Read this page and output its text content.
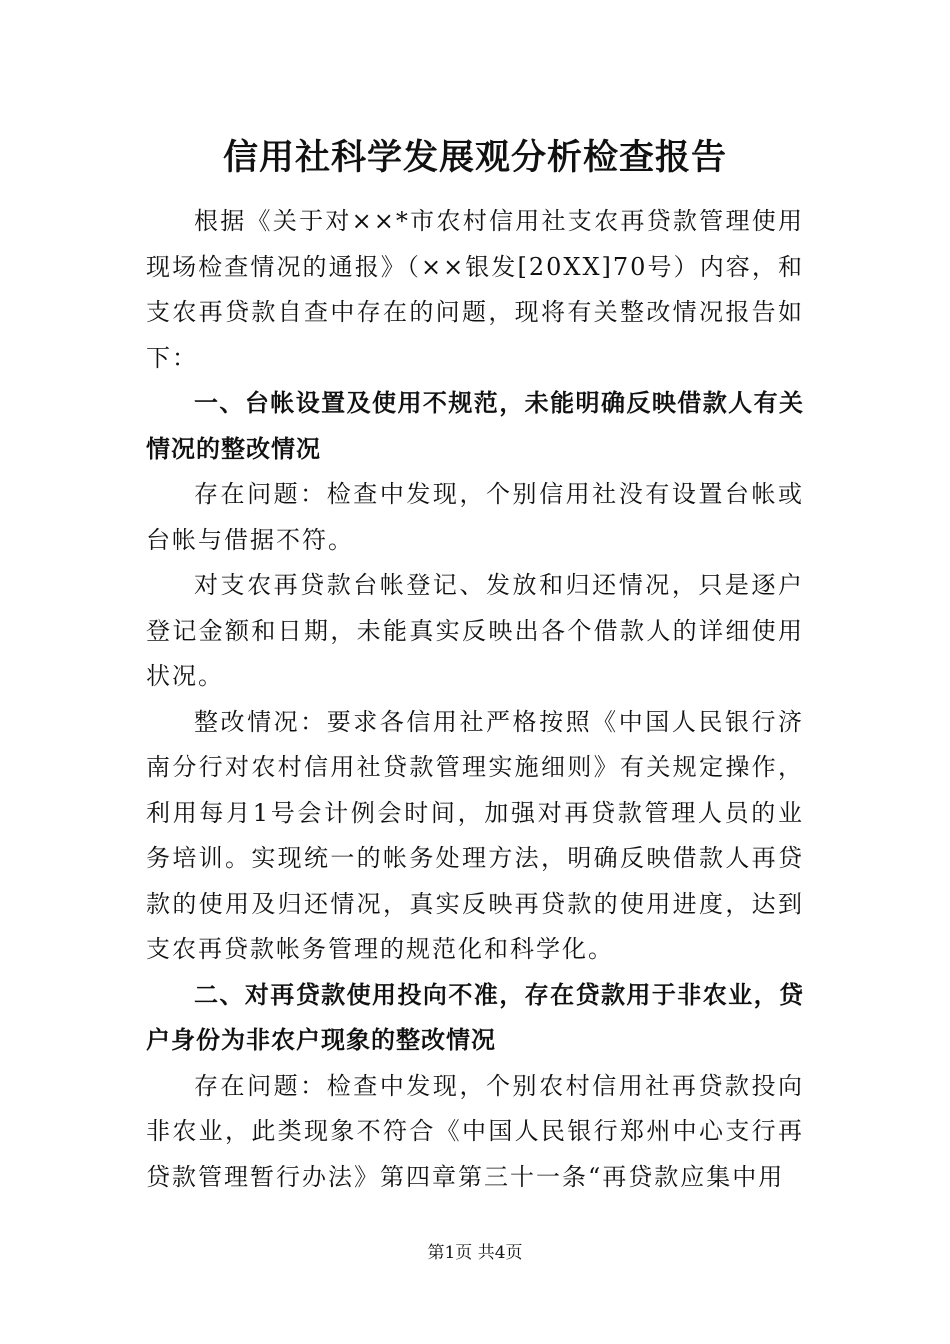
信用社科学发展观分析检查报告

根据《关于对××*市农村信用社支农再贷款管理使用现场检查情况的通报》（××银发[20XX]70号）内容，和支农再贷款自查中存在的问题，现将有关整改情况报告如下：

一、台帐设置及使用不规范，未能明确反映借款人有关情况的整改情况

存在问题：检查中发现，个别信用社没有设置台帐或台帐与借据不符。

对支农再贷款台帐登记、发放和归还情况，只是逐户登记金额和日期，未能真实反映出各个借款人的详细使用状况。

整改情况：要求各信用社严格按照《中国人民银行济南分行对农村信用社贷款管理实施细则》有关规定操作，利用每月1号会计例会时间，加强对再贷款管理人员的业务培训。实现统一的帐务处理方法，明确反映借款人再贷款的使用及归还情况，真实反映再贷款的使用进度，达到支农再贷款帐务管理的规范化和科学化。

二、对再贷款使用投向不准，存在贷款用于非农业，贷户身份为非农户现象的整改情况

存在问题：检查中发现，个别农村信用社再贷款投向非农业，此类现象不符合《中国人民银行郑州中心支行再贷款管理暂行办法》第四章第三十一条“再贷款应集中用

第1页 共4页
